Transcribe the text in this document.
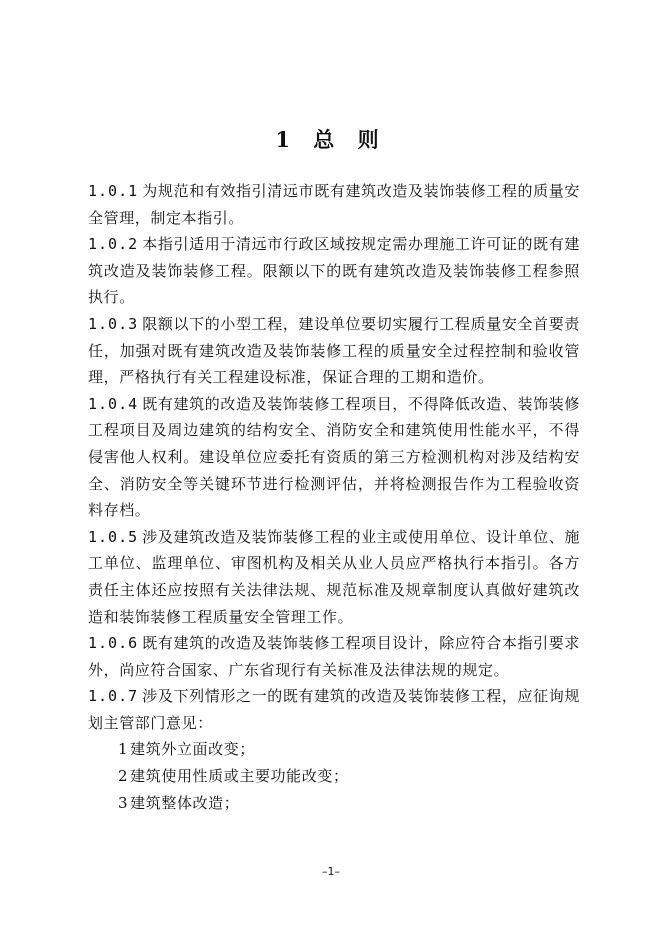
1 总 则

1.0.1 为规范和有效指引清远市既有建筑改造及装饰装修工程的质量安全管理，制定本指引。

1.0.2 本指引适用于清远市行政区域按规定需办理施工许可证的既有建筑改造及装饰装修工程。限额以下的既有建筑改造及装饰装修工程参照执行。

1.0.3 限额以下的小型工程，建设单位要切实履行工程质量安全首要责任，加强对既有建筑改造及装饰装修工程的质量安全过程控制和验收管理，严格执行有关工程建设标准，保证合理的工期和造价。

1.0.4 既有建筑的改造及装饰装修工程项目，不得降低改造、装饰装修工程项目及周边建筑的结构安全、消防安全和建筑使用性能水平，不得侵害他人权利。建设单位应委托有资质的第三方检测机构对涉及结构安全、消防安全等关键环节进行检测评估，并将检测报告作为工程验收资料存档。

1.0.5 涉及建筑改造及装饰装修工程的业主或使用单位、设计单位、施工单位、监理单位、审图机构及相关从业人员应严格执行本指引。各方责任主体还应按照有关法律法规、规范标准及规章制度认真做好建筑改造和装饰装修工程质量安全管理工作。

1.0.6 既有建筑的改造及装饰装修工程项目设计，除应符合本指引要求外，尚应符合国家、广东省现行有关标准及法律法规的规定。

1.0.7 涉及下列情形之一的既有建筑的改造及装饰装修工程，应征询规划主管部门意见：

1 建筑外立面改变；

2 建筑使用性质或主要功能改变；

3 建筑整体改造；

–1–
